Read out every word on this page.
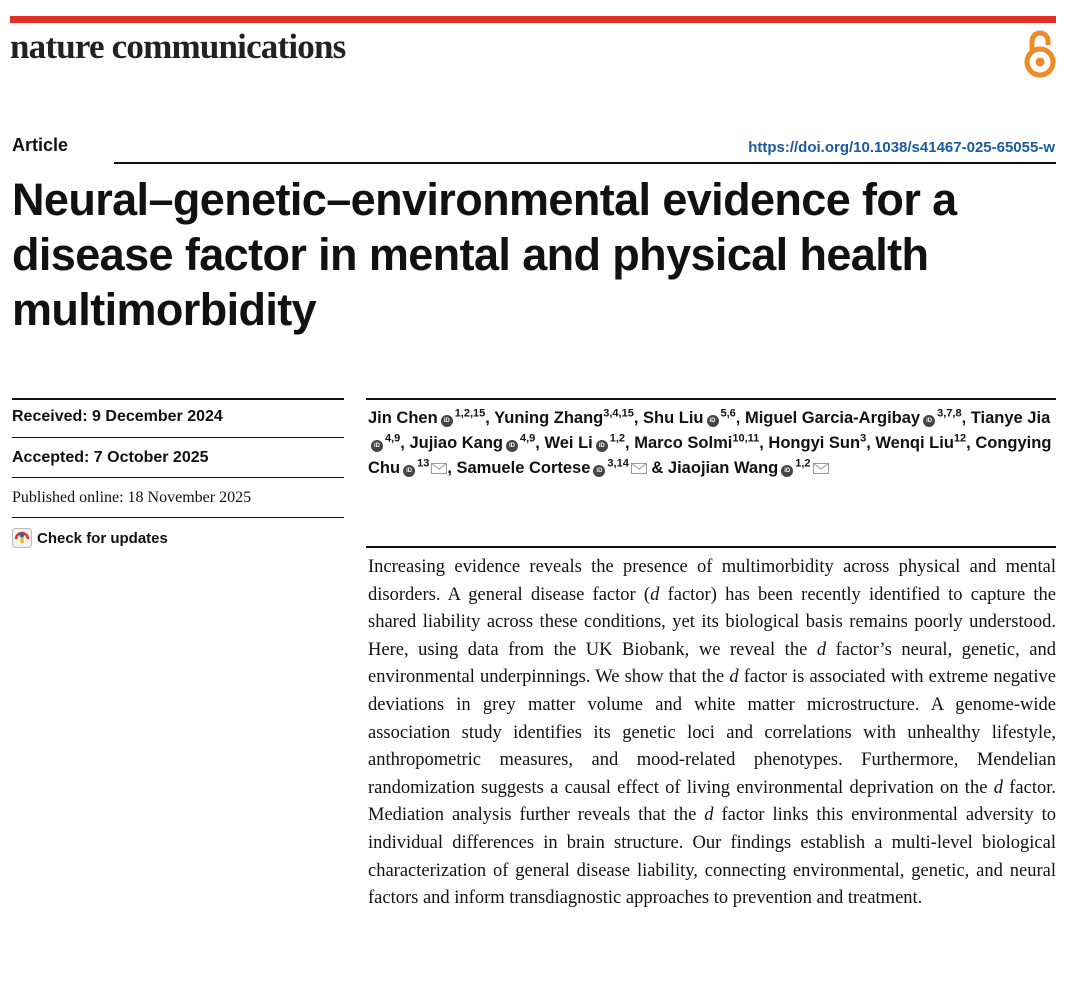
nature communications
Article	https://doi.org/10.1038/s41467-025-65055-w
Neural–genetic–environmental evidence for a disease factor in mental and physical health multimorbidity
Received: 9 December 2024
Accepted: 7 October 2025
Published online: 18 November 2025
Check for updates
Jin Chen iD$^{1,2,15}$, Yuning Zhang$^{3,4,15}$, Shu Liu iD$^{5,6}$, Miguel Garcia-Argibay iD$^{3,7,8}$, Tianye JiaiD$^{4,9}$, Jujiao Kang iD$^{4,9}$, Wei Li iD$^{1,2}$, Marco Solmi$^{10,11}$, Hongyi Sun$^3$, Wenqi Liu$^{12}$, Congying Chu $iD^{13}$ , Samuele Cortese iD$^{3,14}$ & Jiaojian Wang iD$^{1,2}$

Increasing evidence reveals the presence of multimorbidity across physical and mental disorders. A general disease factor (d factor) has been recently identified to capture the shared liability across these conditions, yet its biological basis remains poorly understood. Here, using data from the UK Biobank, we reveal the d factor’s neural, genetic, and environmental underpinnings. We show that the d factor is associated with extreme negative deviations in grey matter volume and white matter microstructure. A genome-wide association study identifies its genetic loci and correlations with unhealthy lifestyle, anthropometric measures, and mood-related phenotypes. Furthermore, Mendelian randomization suggests a causal effect of living environmental deprivation on the d factor. Mediation analysis further reveals that the d factor links this environmental adversity to individual differences in brain structure. Our findings establish a multi-level biological characterization of general disease liability, connecting environmental, genetic, and neural factors and inform transdiagnostic approaches to prevention and treatment.
